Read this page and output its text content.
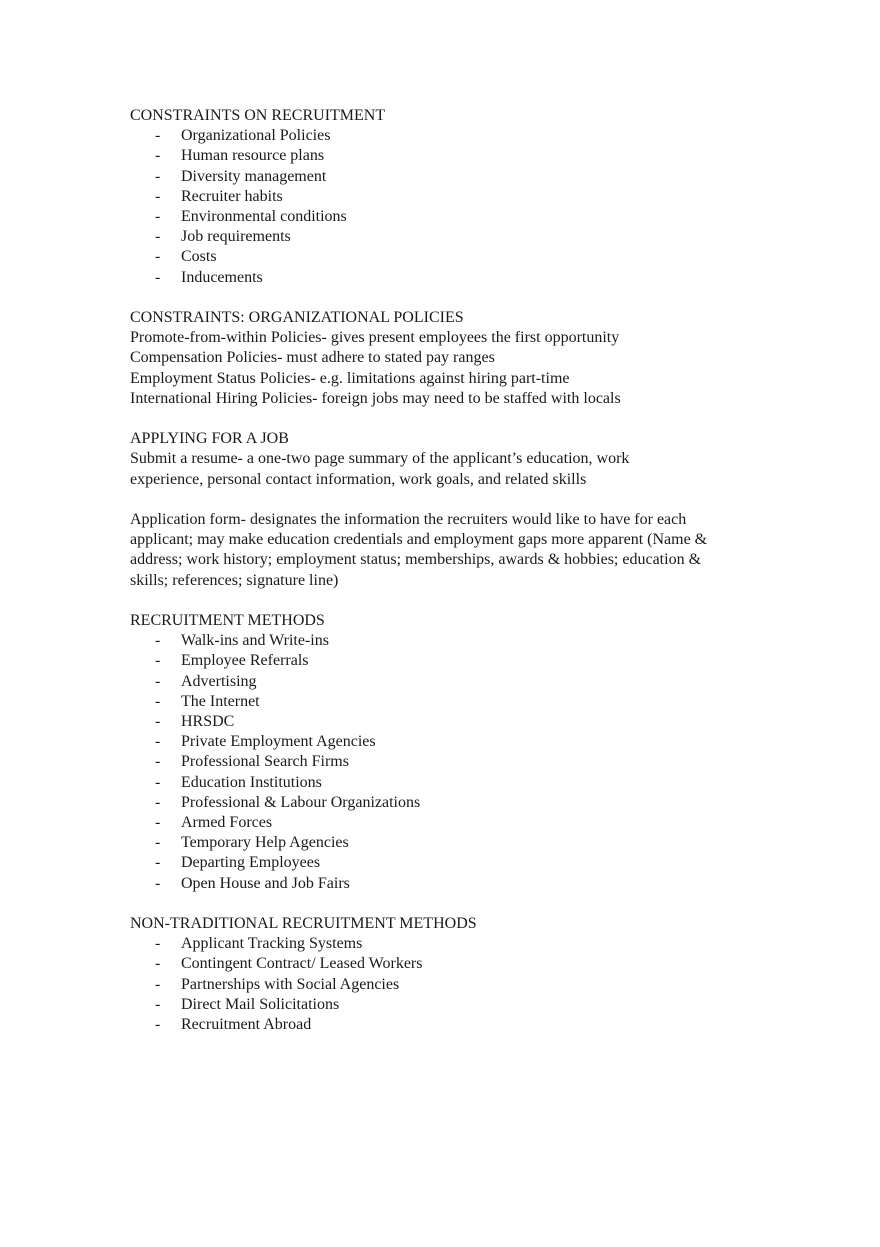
CONSTRAINTS ON RECRUITMENT

- Organizational Policies
- Human resource plans
- Diversity management
- Recruiter habits
- Environmental conditions
- Job requirements
- Costs
- Inducements

CONSTRAINTS: ORGANIZATIONAL POLICIES

Promote-from-within Policies- gives present employees the first opportunity

Compensation Policies- must adhere to stated pay ranges

Employment Status Policies- e.g. limitations against hiring part-time

International Hiring Policies- foreign jobs may need to be staffed with locals

APPLYING FOR A JOB

Submit a resume- a one-two page summary of the applicant’s education, work experience, personal contact information, work goals, and related skills

Application form- designates the information the recruiters would like to have for each applicant; may make education credentials and employment gaps more apparent (Name & address; work history; employment status; memberships, awards & hobbies; education & skills; references; signature line)

RECRUITMENT METHODS

- Walk-ins and Write-ins
- Employee Referrals
- Advertising
- The Internet
- HRSDC
- Private Employment Agencies
- Professional Search Firms
- Education Institutions
- Professional & Labour Organizations
- Armed Forces
- Temporary Help Agencies
- Departing Employees
- Open House and Job Fairs

NON-TRADITIONAL RECRUITMENT METHODS

- Applicant Tracking Systems
- Contingent Contract/ Leased Workers
- Partnerships with Social Agencies
- Direct Mail Solicitations
- Recruitment Abroad
